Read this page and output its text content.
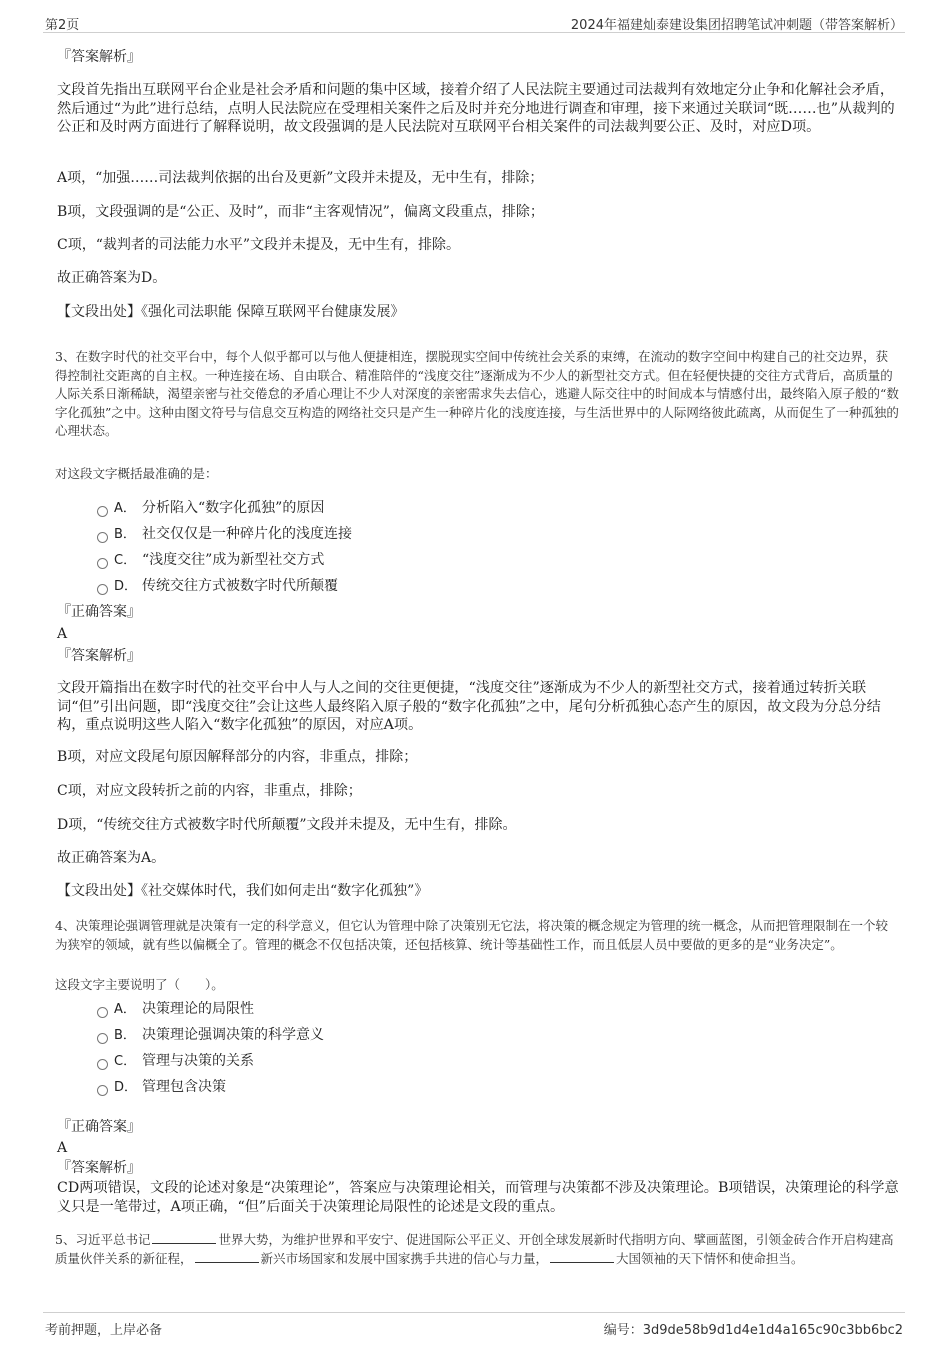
第2页	2024年福建灿泰建设集团招聘笔试冲刺题（带答案解析）

『答案解析』

文段首先指出互联网平台企业是社会矛盾和问题的集中区域，接着介绍了人民法院主要通过司法裁判有效地定分止争和化解社会矛盾，然后通过“为此”进行总结，点明人民法院应在受理相关案件之后及时并充分地进行调查和审理，接下来通过关联词“既……也”从裁判的公正和及时两方面进行了解释说明，故文段强调的是人民法院对互联网平台相关案件的司法裁判要公正、及时，对应D项。

A项，“加强……司法裁判依据的出台及更新”文段并未提及，无中生有，排除；

B项，文段强调的是“公正、及时”，而非“主客观情况”，偏离文段重点，排除；

C项，“裁判者的司法能力水平”文段并未提及，无中生有，排除。

故正确答案为D。

【文段出处】《强化司法职能 保障互联网平台健康发展》

3、在数字时代的社交平台中，每个人似乎都可以与他人便捷相连，摆脱现实空间中传统社会关系的束缚，在流动的数字空间中构建自己的社交边界，获得控制社交距离的自主权。一种连接在场、自由联合、精准陪伴的“浅度交往”逐渐成为不少人的新型社交方式。但在轻便快捷的交往方式背后，高质量的人际关系日渐稀缺，渴望亲密与社交倦怠的矛盾心理让不少人对深度的亲密需求失去信心，逃避人际交往中的时间成本与情感付出，最终陷入原子般的“数字化孤独”之中。这种由图文符号与信息交互构造的网络社交只是产生一种碎片化的浅度连接，与生活世界中的人际网络彼此疏离，从而促生了一种孤独的心理状态。

对这段文字概括最准确的是：

A． 分析陷入“数字化孤独”的原因
B． 社交仅仅是一种碎片化的浅度连接
C． “浅度交往”成为新型社交方式
D． 传统交往方式被数字时代所颠覆

『正确答案』

A

『答案解析』

文段开篇指出在数字时代的社交平台中人与人之间的交往更便捷，“浅度交往”逐渐成为不少人的新型社交方式，接着通过转折关联词“但”引出问题，即“浅度交往”会让这些人最终陷入原子般的“数字化孤独”之中，尾句分析孤独心态产生的原因，故文段为分总分结构，重点说明这些人陷入“数字化孤独”的原因，对应A项。

B项，对应文段尾句原因解释部分的内容，非重点，排除；

C项，对应文段转折之前的内容，非重点，排除；

D项，“传统交往方式被数字时代所颠覆”文段并未提及，无中生有，排除。

故正确答案为A。

【文段出处】《社交媒体时代，我们如何走出“数字化孤独”》

4、决策理论强调管理就是决策有一定的科学意义，但它认为管理中除了决策别无它法，将决策的概念规定为管理的统一概念，从而把管理限制在一个较为狭窄的领域，就有些以偏概全了。管理的概念不仅包括决策，还包括核算、统计等基础性工作，而且低层人员中要做的更多的是“业务决定”。

这段文字主要说明了（　　）。

A． 决策理论的局限性
B． 决策理论强调决策的科学意义
C． 管理与决策的关系
D． 管理包含决策

『正确答案』

A

『答案解析』

CD两项错误，文段的论述对象是“决策理论”，答案应与决策理论相关，而管理与决策都不涉及决策理论。B项错误，决策理论的科学意义只是一笔带过，A项正确，“但”后面关于决策理论局限性的论述是文段的重点。

5、习近平总书记	世界大势，为维护世界和平安宁、促进国际公平正义、开创全球发展新时代指明方向、擘画蓝图，引领金砖合作开启构建高质量伙伴关系的新征程，	新兴市场国家和发展中国家携手共进的信心与力量，	大国领袖的天下情怀和使命担当。

考前押题，上岸必备	编号：3d9de58b9d1d4e1d4a165c90c3bb6bc2
